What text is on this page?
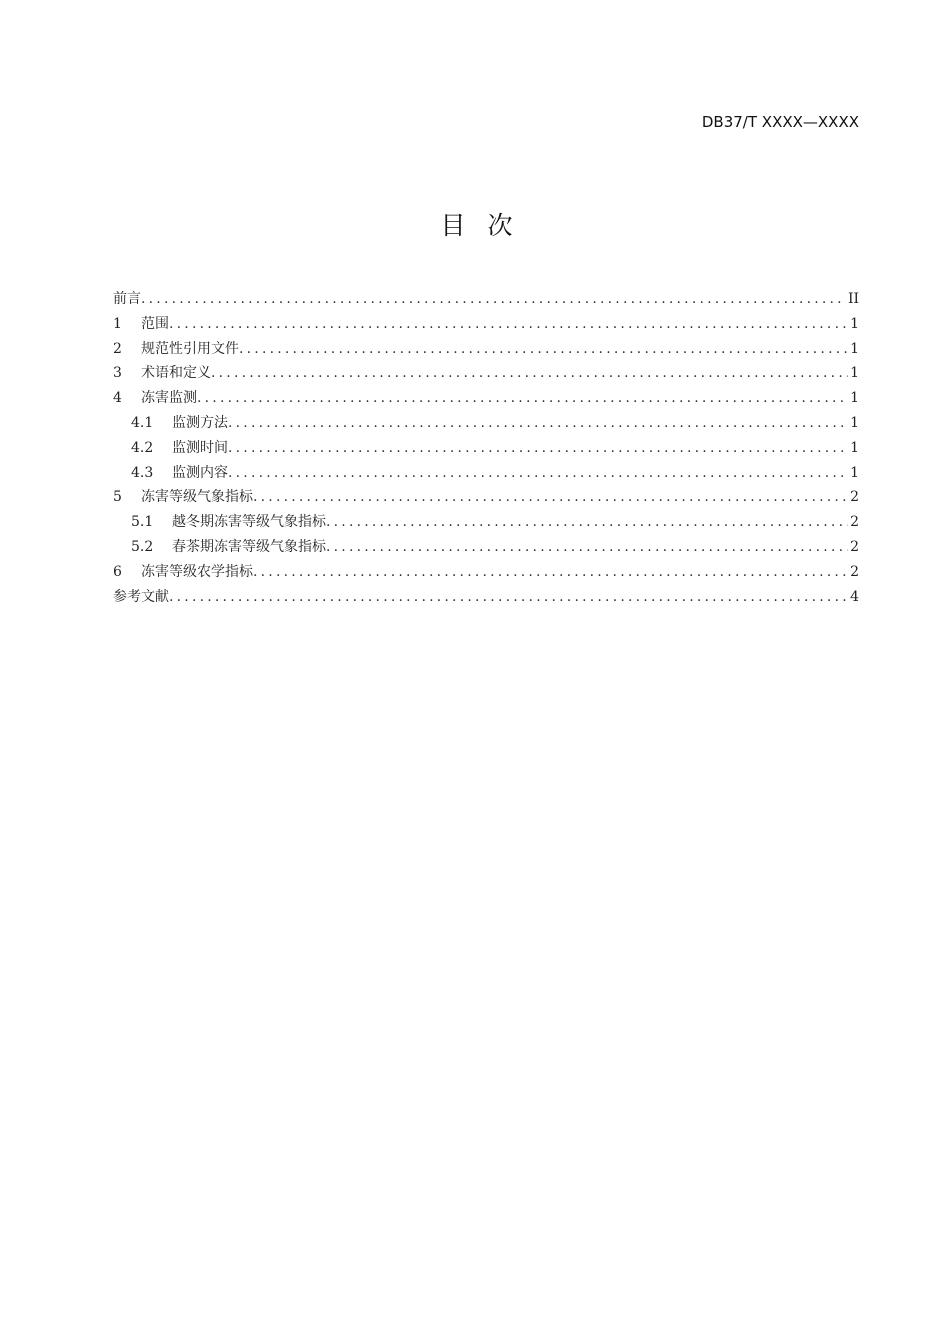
DB37/T XXXX—XXXX
目次
前言 .....	II
1	范围 .....	1
2	规范性引用文件 .....	1
3	术语和定义 .....	1
4	冻害监测 .....	1
4.1	监测方法 .....	1
4.2	监测时间 .....	1
4.3	监测内容 .....	1
5	冻害等级气象指标 .....	2
5.1	越冬期冻害等级气象指标 .....	2
5.2	春茶期冻害等级气象指标 .....	2
6	冻害等级农学指标 .....	2
参考文献 .....	4
